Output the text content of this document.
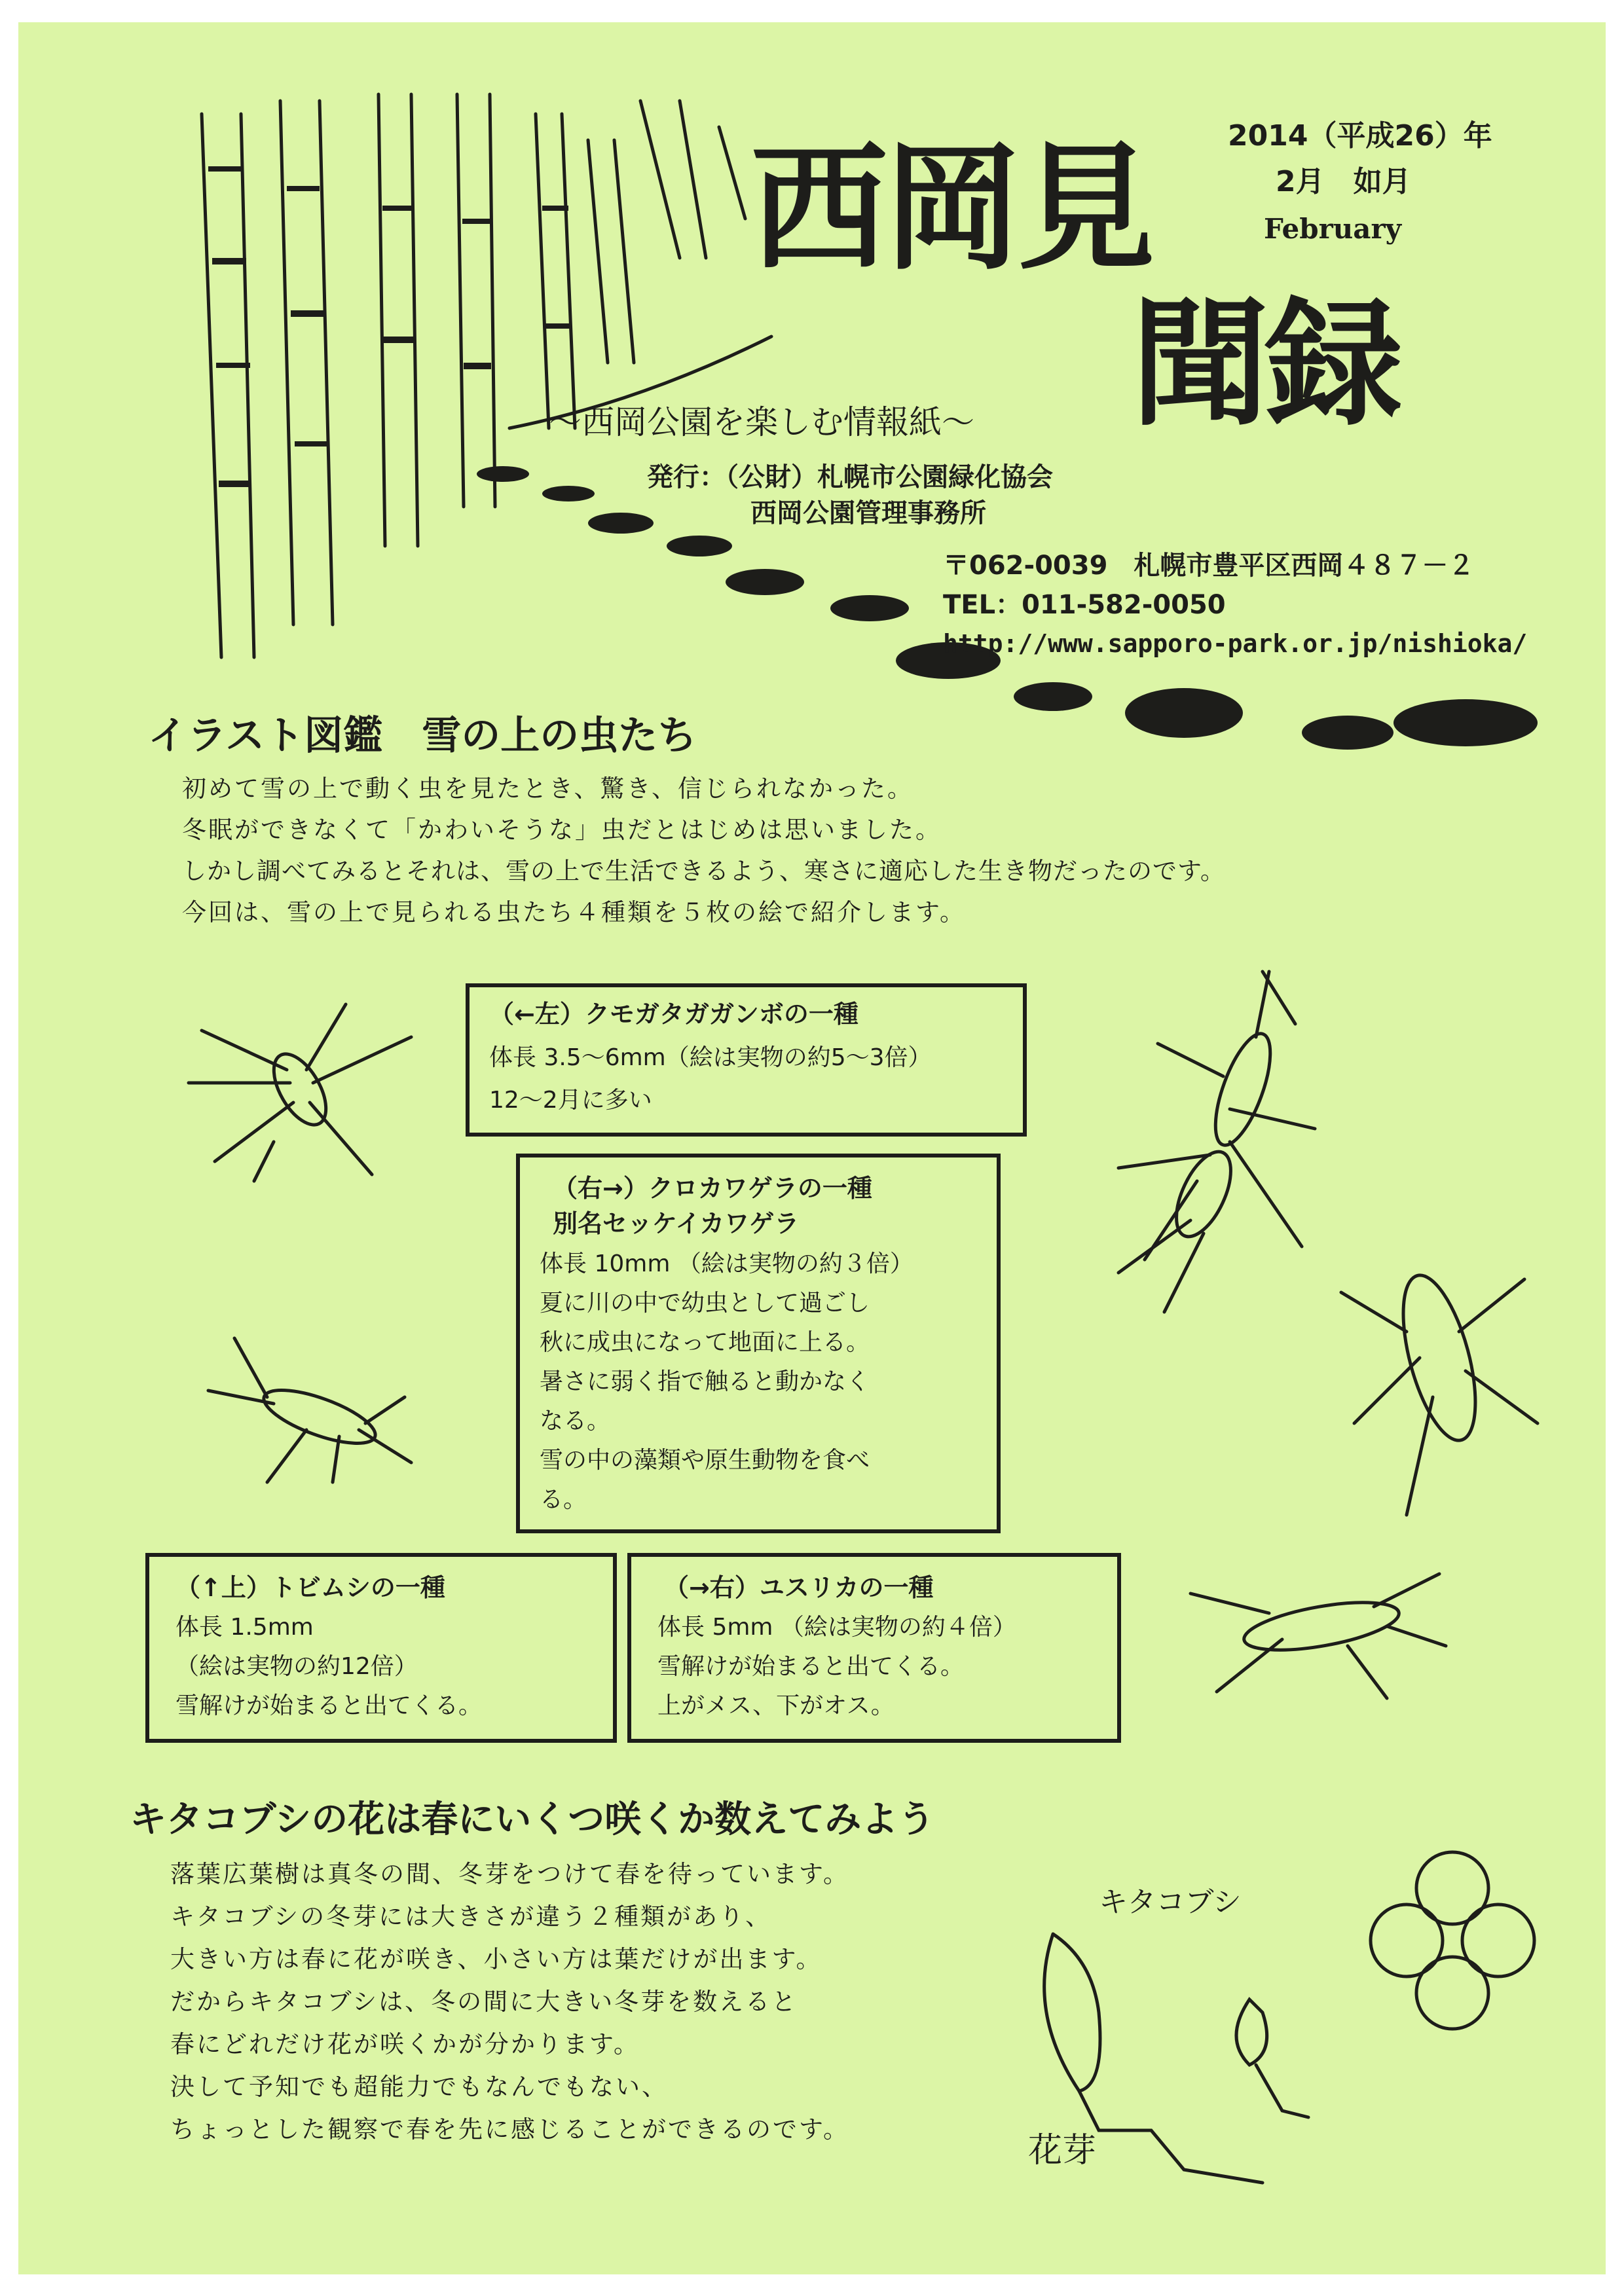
2014（平成26）年
2月　如月
February
西岡見
聞録
～西岡公園を楽しむ情報紙～
発行：（公財）札幌市公園緑化協会
西岡公園管理事務所
〒062-0039　札幌市豊平区西岡４８７－２
TEL：011-582-0050
http://www.sapporo-park.or.jp/nishioka/
イラスト図鑑　雪の上の虫たち
初めて雪の上で動く虫を見たとき、驚き、信じられなかった。
冬眠ができなくて「かわいそうな」虫だとはじめは思いました。
しかし調べてみるとそれは、雪の上で生活できるよう、寒さに適応した生き物だったのです。
今回は、雪の上で見られる虫たち４種類を５枚の絵で紹介します。
（←左）クモガタガガンボの一種
体長 3.5～6mm（絵は実物の約5～3倍）
12～2月に多い
（右→）クロカワゲラの一種
別名セッケイカワゲラ
体長 10mm （絵は実物の約３倍）
夏に川の中で幼虫として過ごし
秋に成虫になって地面に上る。
暑さに弱く指で触ると動かなく
なる。
雪の中の藻類や原生動物を食べ
る。
（↑上）トビムシの一種
体長 1.5mm
（絵は実物の約12倍）
雪解けが始まると出てくる。
（→右）ユスリカの一種
体長 5mm （絵は実物の約４倍）
雪解けが始まると出てくる。
上がメス、下がオス。
キタコブシの花は春にいくつ咲くか数えてみよう
落葉広葉樹は真冬の間、冬芽をつけて春を待っています。
キタコブシの冬芽には大きさが違う２種類があり、
大きい方は春に花が咲き、小さい方は葉だけが出ます。
だからキタコブシは、冬の間に大きい冬芽を数えると
春にどれだけ花が咲くかが分かります。
決して予知でも超能力でもなんでもない、
ちょっとした観察で春を先に感じることができるのです。
キタコブシ
花芽
